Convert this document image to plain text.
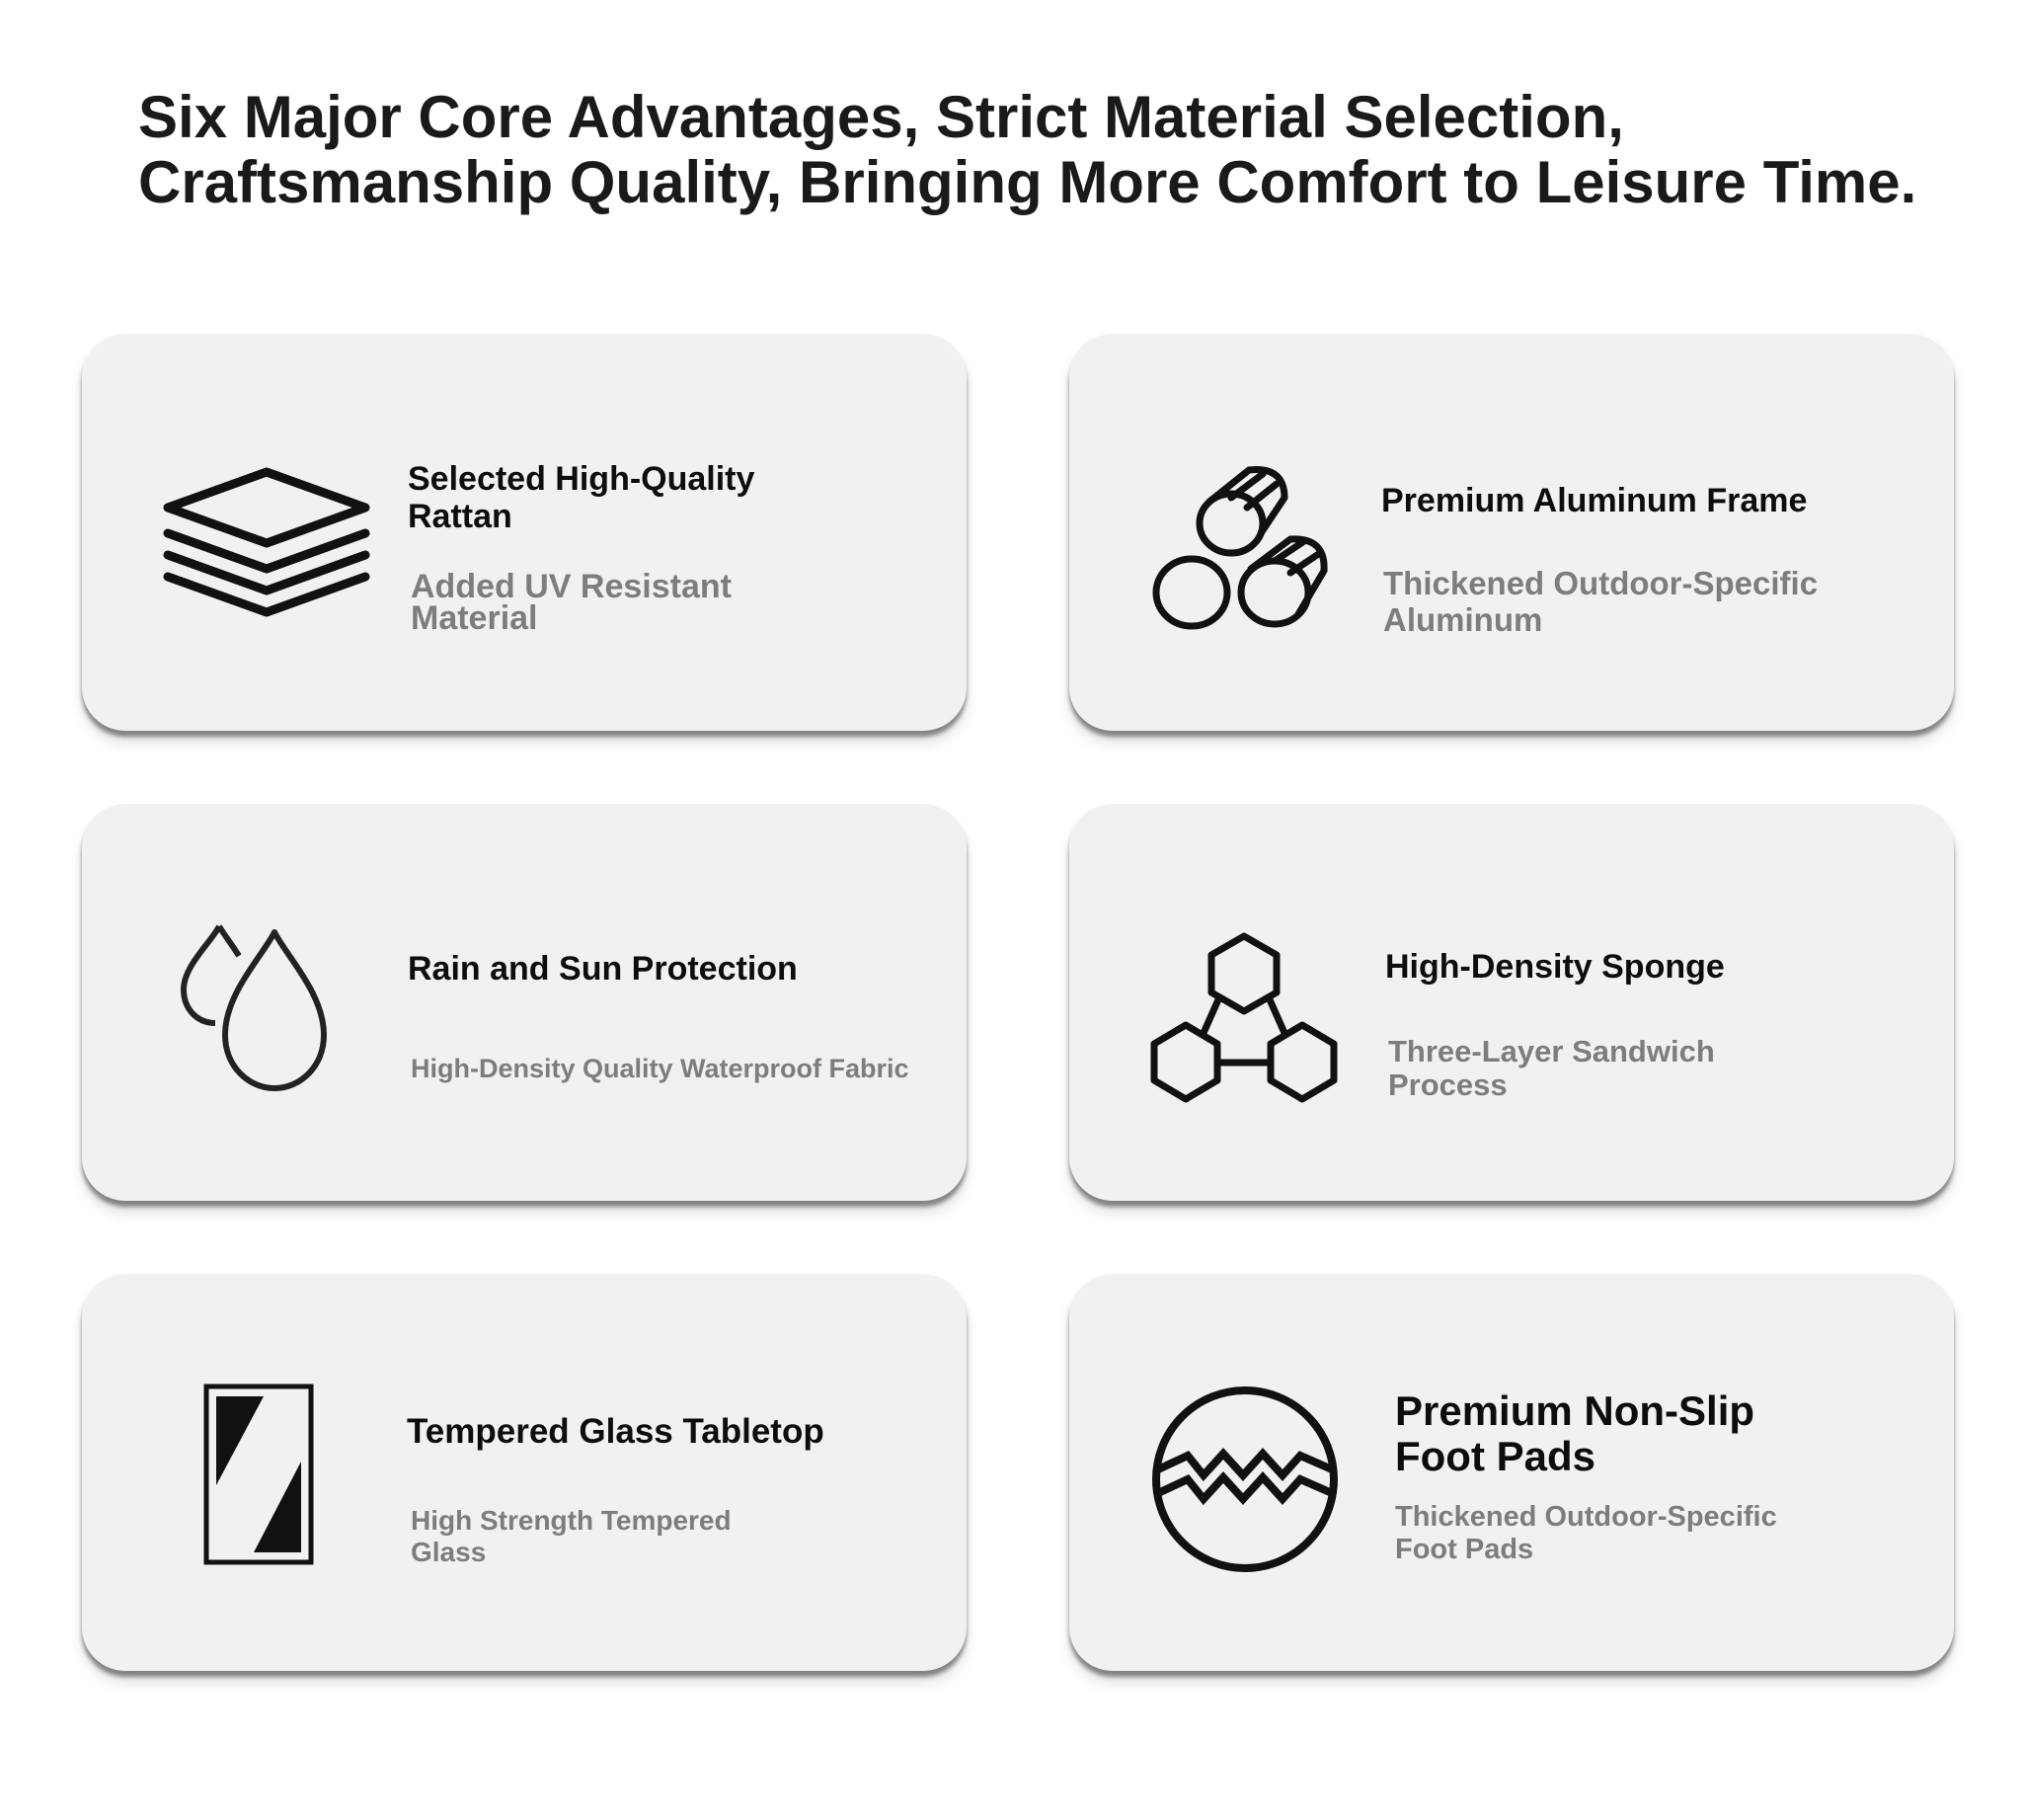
Six Major Core Advantages, Strict Material Selection,
Craftsmanship Quality, Bringing More Comfort to Leisure Time.

Selected High-Quality Rattan

Added UV Resistant Material

Premium Aluminum Frame

Thickened Outdoor-Specific Aluminum

Rain and Sun Protection

High-Density Quality Waterproof Fabric

High-Density Sponge

Three-Layer Sandwich Process

Tempered Glass Tabletop

High Strength Tempered Glass

Premium Non-Slip Foot Pads

Thickened Outdoor-Specific Foot Pads
